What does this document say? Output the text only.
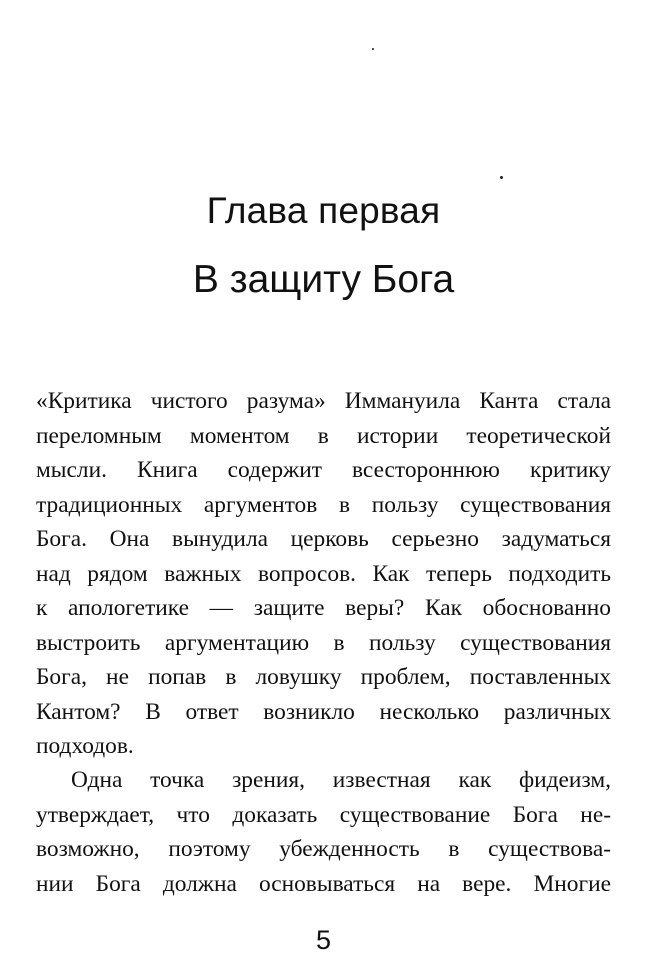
Глава первая
В защиту Бога
«Критика чистого разума» Иммануила Канта стала
переломным моментом в истории теоретической
мысли. Книга содержит всестороннюю критику
традиционных аргументов в пользу существования
Бога. Она вынудила церковь серьезно задуматься
над рядом важных вопросов. Как теперь подходить
к апологетике — защите веры? Как обоснованно
выстроить аргументацию в пользу существования
Бога, не попав в ловушку проблем, поставленных
Кантом? В ответ возникло несколько различных
подходов.
Одна точка зрения, известная как фидеизм,
утверждает, что доказать существование Бога не-
возможно, поэтому убежденность в существова-
нии Бога должна основываться на вере. Многие
5
